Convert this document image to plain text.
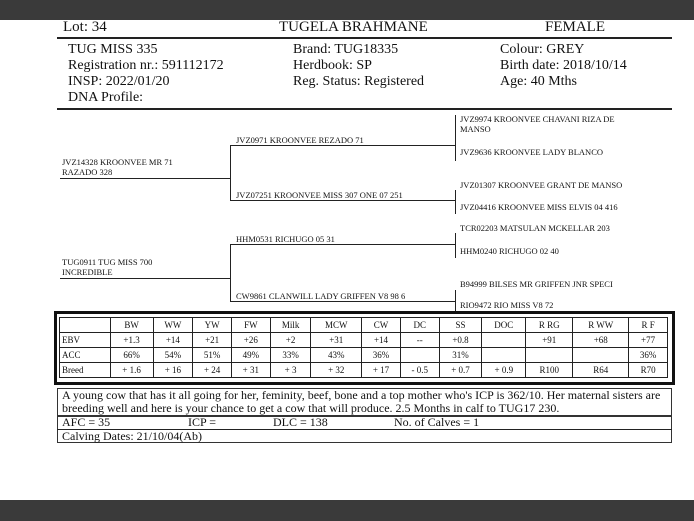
Lot: 34	TUGELA BRAHMANE	FEMALE
TUG MISS 335
Registration nr.: 591112172
INSP: 2022/01/20
DNA Profile:
Brand: TUG18335
Herdbook: SP
Reg. Status: Registered
Colour: GREY
Birth date: 2018/10/14
Age: 40 Mths
JVZ14328 KROONVEE MR 71
RAZADO 328
TUG0911 TUG MISS 700
INCREDIBLE
JVZ0971 KROONVEE REZADO 71
JVZ07251 KROONVEE MISS 307 ONE 07 251
HHM0531 RICHUGO 05 31
CW9861 CLANWILL LADY GRIFFEN V8 98 6
JVZ9974 KROONVEE CHAVANI RIZA DE
MANSO
JVZ9636 KROONVEE LADY BLANCO
JVZ01307 KROONVEE GRANT DE MANSO
JVZ04416 KROONVEE MISS ELVIS 04 416
TCR02203 MATSULAN MCKELLAR 203
HHM0240 RICHUGO 02 40
B94999 BILSES MR GRIFFEN JNR SPECI
RIO9472 RIO MISS V8 72
	BW	WW	YW	FW	Milk	MCW	CW	DC	SS	DOC	R RG	R WW	R F
EBV	+1.3	+14	+21	+26	+2	+31	+14	--	+0.8		+91	+68	+77
ACC	66%	54%	51%	49%	33%	43%	36%		31%				36%
Breed	+ 1.6	+ 16	+ 24	+ 31	+ 3	+ 32	+ 17	- 0.5	+ 0.7	+ 0.9	R100	R64	R70
A young cow that has it all going for her, feminity, beef, bone and a top mother who's ICP is 362/10. Her maternal sisters are breeding well and here is your chance to get a cow that will produce. 2.5 Months in calf to TUG17 230.
AFC = 35	ICP =	DLC = 138	No. of Calves = 1
Calving Dates: 21/10/04(Ab)
